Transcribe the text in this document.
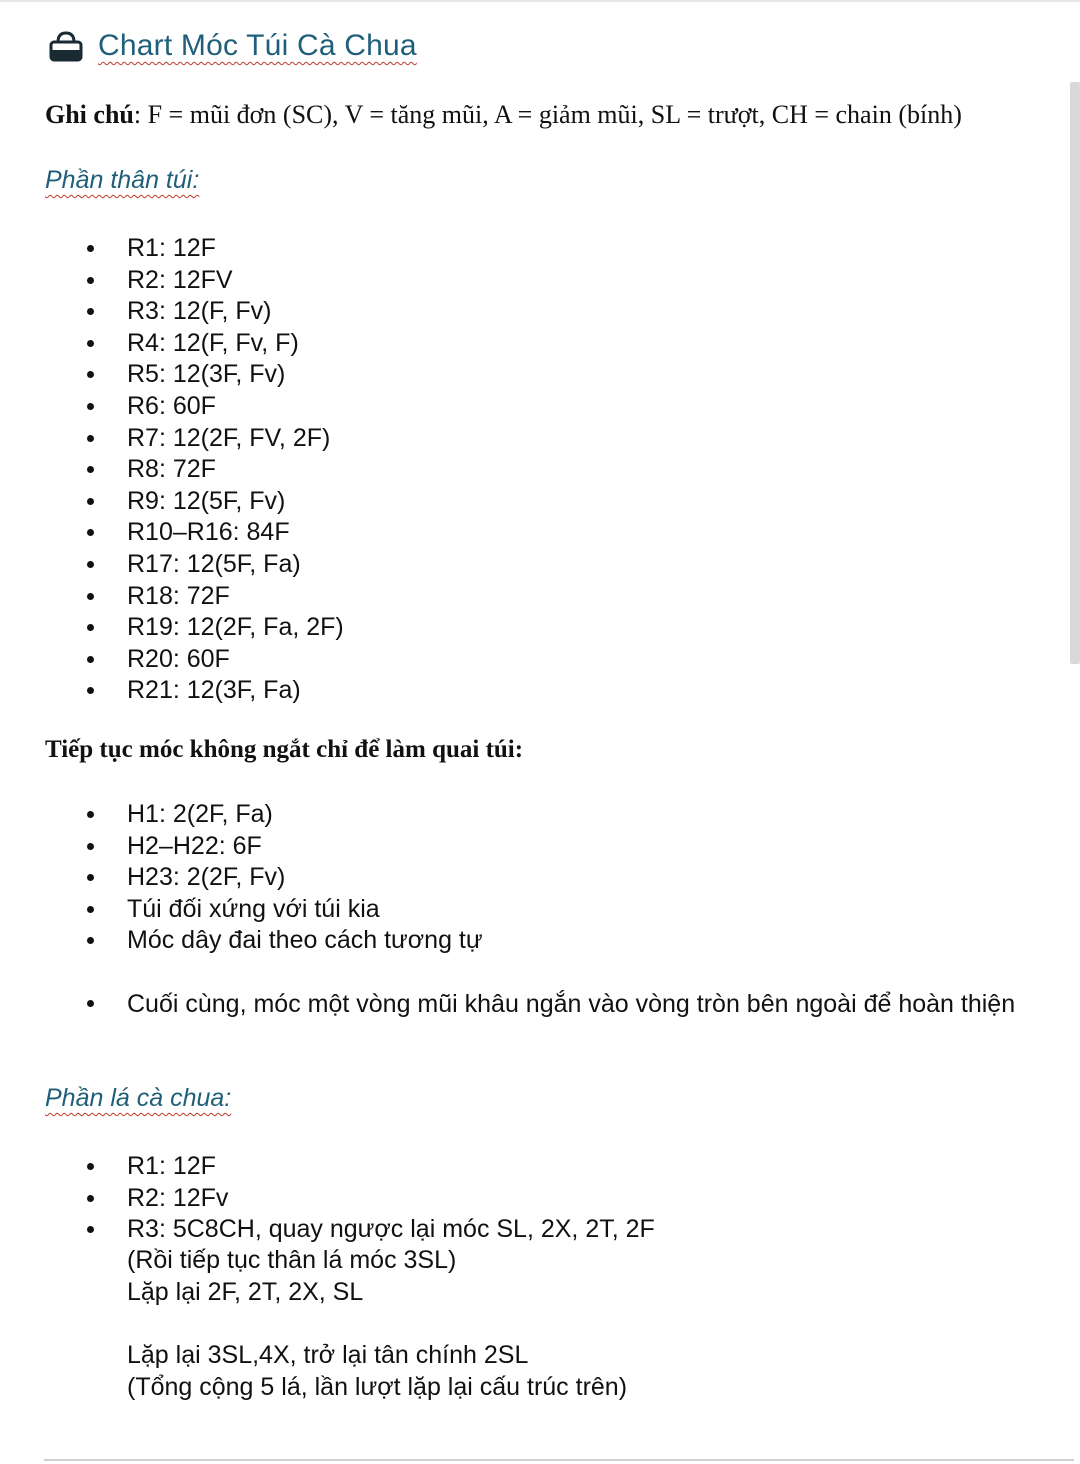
Chart Móc Túi Cà Chua
Ghi chú: F = mũi đơn (SC), V = tăng mũi, A = giảm mũi, SL = trượt, CH = chain (bính)
Phần thân túi:
R1: 12F
R2: 12FV
R3: 12(F, Fv)
R4: 12(F, Fv, F)
R5: 12(3F, Fv)
R6: 60F
R7: 12(2F, FV, 2F)
R8: 72F
R9: 12(5F, Fv)
R10–R16: 84F
R17: 12(5F, Fa)
R18: 72F
R19: 12(2F, Fa, 2F)
R20: 60F
R21: 12(3F, Fa)
Tiếp tục móc không ngắt chỉ để làm quai túi:
H1: 2(2F, Fa)
H2–H22: 6F
H23: 2(2F, Fv)
Túi đối xứng với túi kia
Móc dây đai theo cách tương tự
Cuối cùng, móc một vòng mũi khâu ngắn vào vòng tròn bên ngoài để hoàn thiện
Phần lá cà chua:
R1: 12F
R2: 12Fv
R3: 5C8CH, quay ngược lại móc SL, 2X, 2T, 2F
(Rồi tiếp tục thân lá móc 3SL)
Lặp lại 2F, 2T, 2X, SL
Lặp lại 3SL,4X, trở lại tân chính 2SL
(Tổng cộng 5 lá, lần lượt lặp lại cấu trúc trên)
